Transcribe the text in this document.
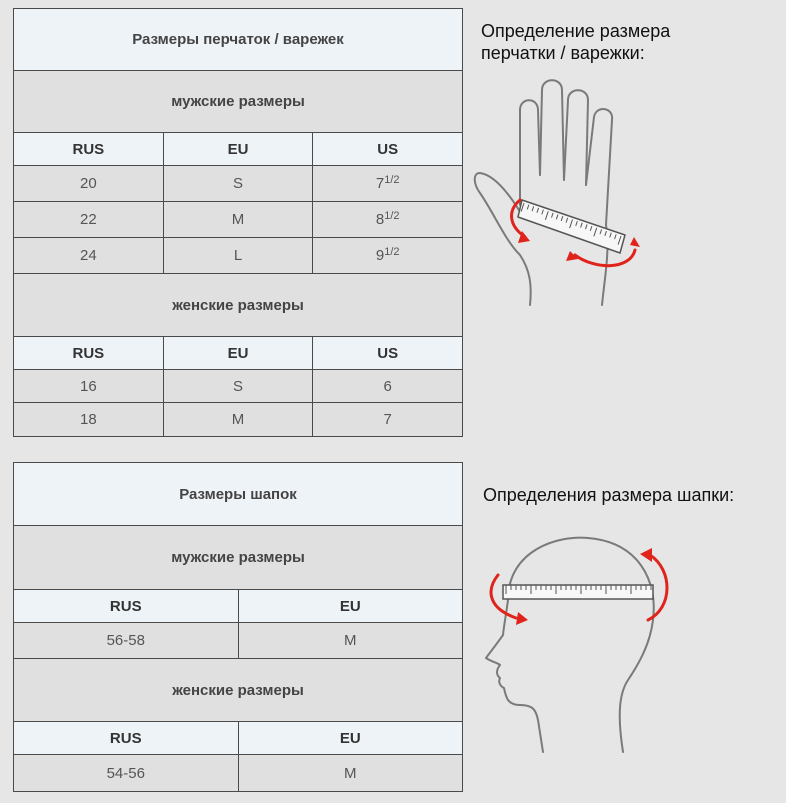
Размеры перчаток / варежек
мужские размеры
RUS	EU	US
20	S	7 1/2
22	M	8 1/2
24	L	9 1/2
женские размеры
RUS	EU	US
16	S	6
18	M	7
Размеры шапок
мужские размеры
RUS	EU
56-58	M
женские размеры
RUS	EU
54-56	M
Определение размера
перчатки / варежки:
Определения размера шапки:
